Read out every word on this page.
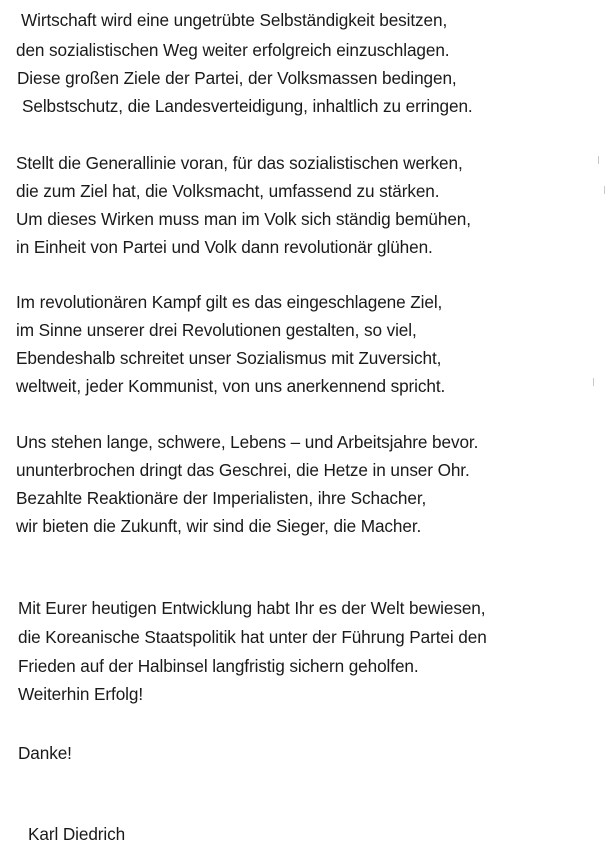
Wirtschaft wird eine ungetrübte Selbständigkeit besitzen,
den sozialistischen Weg weiter erfolgreich einzuschlagen.
Diese großen Ziele der Partei, der Volksmassen bedingen,
Selbstschutz, die Landesverteidigung, inhaltlich zu erringen.
Stellt die Generallinie voran, für das sozialistischen werken,
die zum Ziel hat, die Volksmacht, umfassend zu stärken.
Um dieses Wirken muss man im Volk sich ständig bemühen,
in Einheit von Partei und Volk dann revolutionär glühen.
Im revolutionären Kampf gilt es das eingeschlagene Ziel,
im Sinne unserer drei Revolutionen gestalten, so viel,
Ebendeshalb schreitet unser Sozialismus mit Zuversicht,
weltweit, jeder Kommunist, von uns anerkennend spricht.
Uns stehen lange, schwere, Lebens – und Arbeitsjahre bevor.
ununterbrochen dringt das Geschrei, die Hetze in unser Ohr.
Bezahlte Reaktionäre der Imperialisten, ihre Schacher,
wir bieten die Zukunft, wir sind die Sieger, die Macher.
Mit Eurer heutigen Entwicklung habt Ihr es der Welt bewiesen,
die Koreanische Staatspolitik hat unter der Führung Partei den
Frieden auf der Halbinsel langfristig sichern geholfen.
Weiterhin Erfolg!
Danke!
Karl Diedrich
